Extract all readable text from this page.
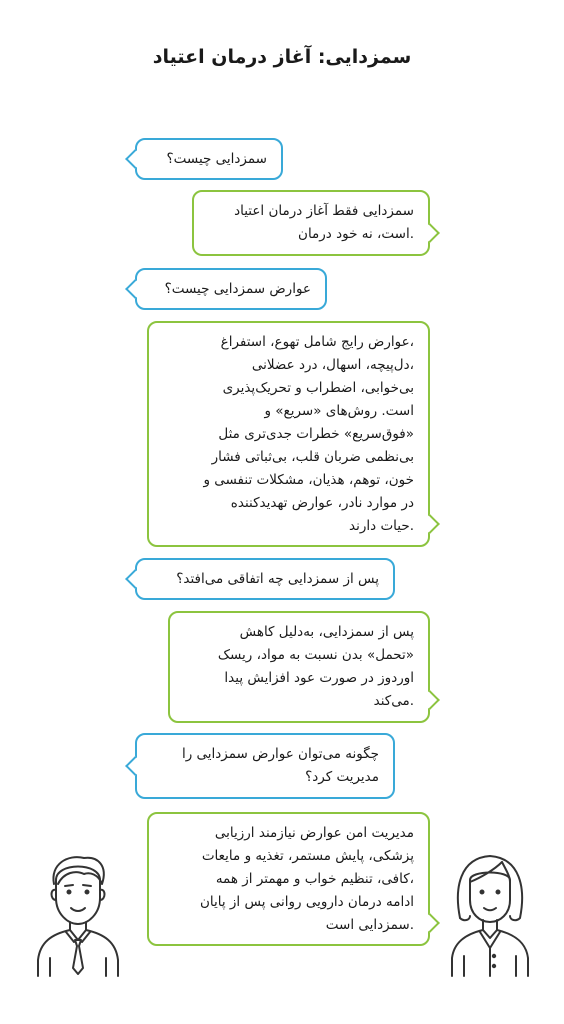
سمزدایی: آغاز درمان اعتیاد
سمزدایی چیست؟
سمزدایی فقط آغاز درمان اعتیاد
.است، نه خود درمان
عوارض سمزدایی چیست؟
،عوارض رایج شامل تهوع، استفراغ
،دل‌پیچه، اسهال، درد عضلانی
بی‌خوابی، اضطراب و تحریک‌پذیری
است. روش‌های «سریع» و
«فوق‌سریع» خطرات جدی‌تری مثل
بی‌نظمی ضربان قلب، بی‌ثباتی فشار
خون، توهم، هذیان، مشکلات تنفسی و
در موارد نادر، عوارض تهدیدکننده
.حیات دارند
پس از سمزدایی چه اتفاقی می‌افتد؟
پس از سمزدایی، به‌دلیل کاهش
«تحمل» بدن نسبت به مواد، ریسک
اوردوز در صورت عود افزایش پیدا
.می‌کند
چگونه می‌توان عوارض سمزدایی را
مدیریت کرد؟
مدیریت امن عوارض نیازمند ارزیابی
پزشکی، پایش مستمر، تغذیه و مایعات
،کافی، تنظیم خواب و مهمتر از همه
ادامه درمان دارویی روانی پس از پایان
.سمزدایی است
